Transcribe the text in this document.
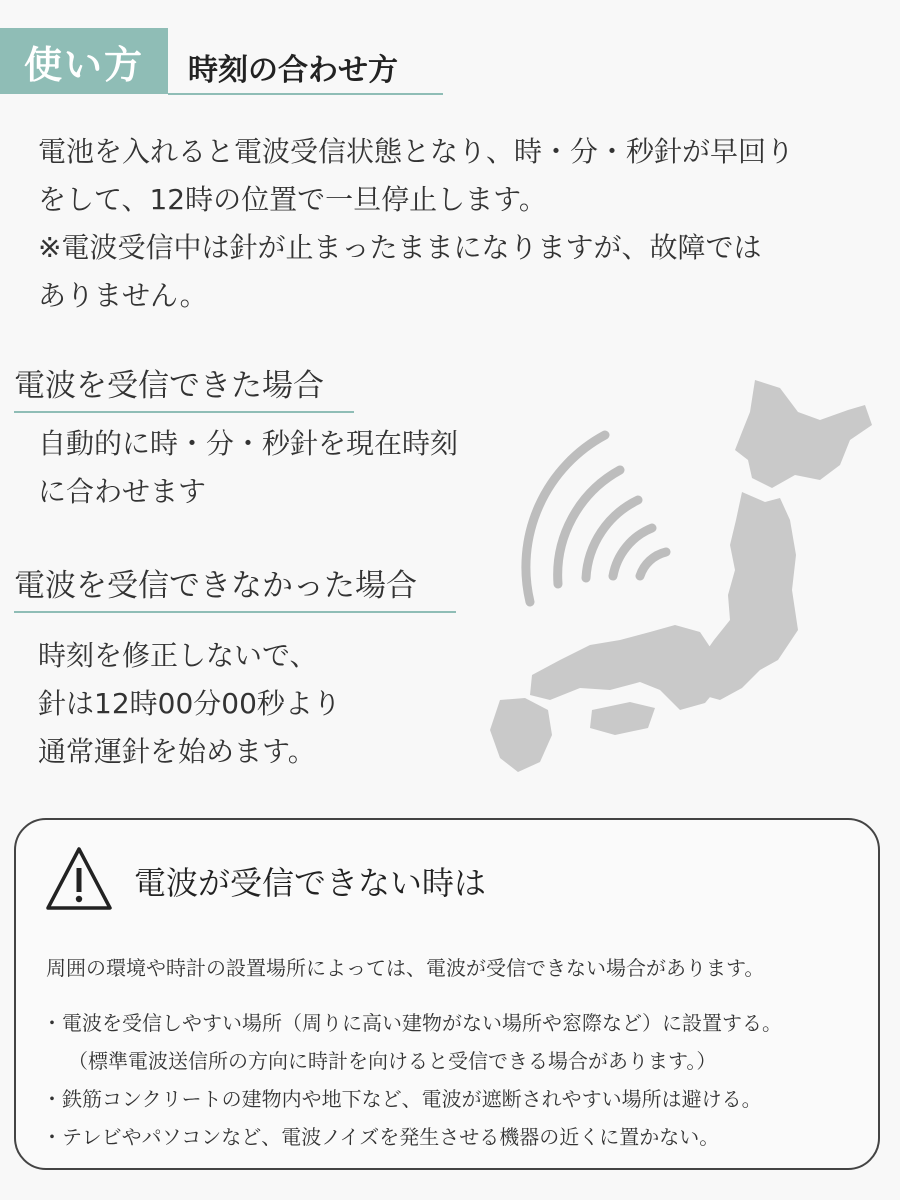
使い方	時刻の合わせ方

電池を入れると電波受信状態となり、時・分・秒針が早回り

をして、12時の位置で一旦停止します。

※電波受信中は針が止まったままになりますが、故障では

ありません。

電波を受信できた場合

自動的に時・分・秒針を現在時刻

に合わせます

電波を受信できなかった場合

時刻を修正しないで、

針は12時00分00秒より

通常運針を始めます。

電波が受信できない時は
周囲の環境や時計の設置場所によっては、電波が受信できない場合があります。

・電波を受信しやすい場所（周りに高い建物がない場所や窓際など）に設置する。

（標準電波送信所の方向に時計を向けると受信できる場合があります。）

・鉄筋コンクリートの建物内や地下など、電波が遮断されやすい場所は避ける。

・テレビやパソコンなど、電波ノイズを発生させる機器の近くに置かない。
